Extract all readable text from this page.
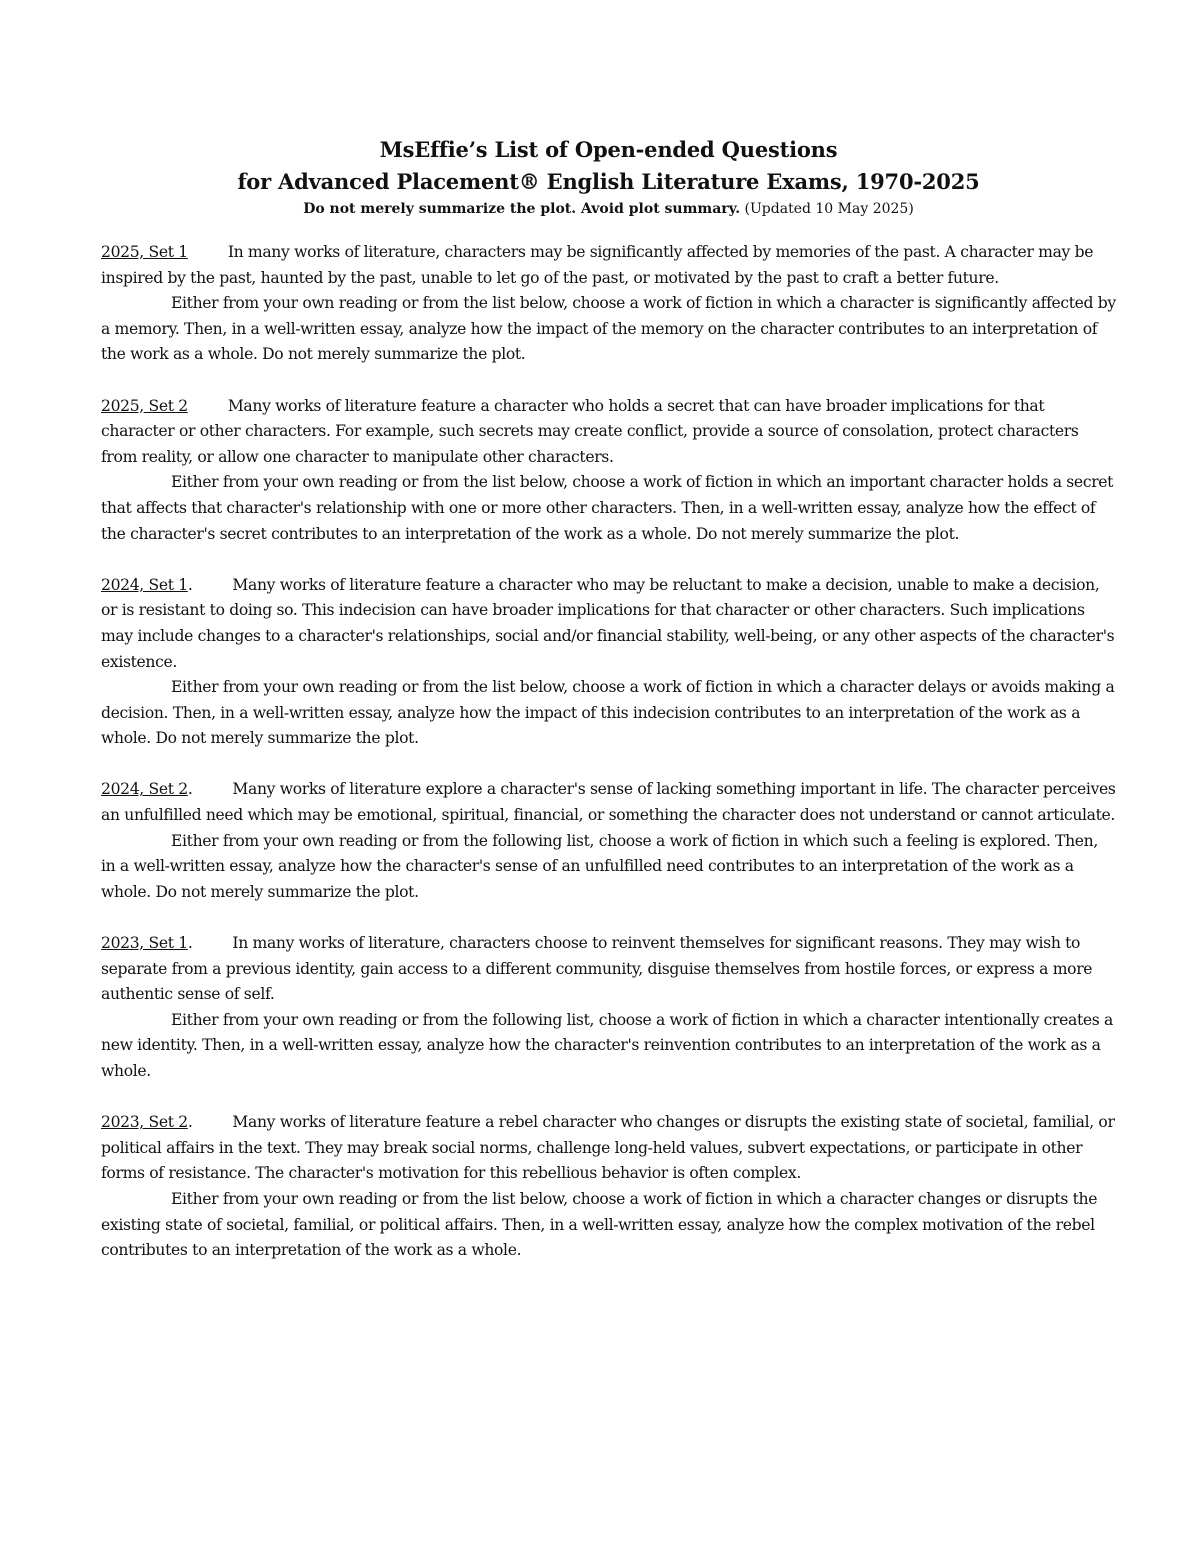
MsEffie’s List of Open-ended Questions
for Advanced Placement® English Literature Exams, 1970-2025

Do not merely summarize the plot. Avoid plot summary. (Updated 10 May 2025)

2025, Set 1	In many works of literature, characters may be significantly affected by memories of the past. A character may be inspired by the past, haunted by the past, unable to let go of the past, or motivated by the past to craft a better future.

Either from your own reading or from the list below, choose a work of fiction in which a character is significantly affected by a memory. Then, in a well-written essay, analyze how the impact of the memory on the character contributes to an interpretation of the work as a whole. Do not merely summarize the plot.

2025, Set 2	Many works of literature feature a character who holds a secret that can have broader implications for that character or other characters. For example, such secrets may create conflict, provide a source of consolation, protect characters from reality, or allow one character to manipulate other characters.

Either from your own reading or from the list below, choose a work of fiction in which an important character holds a secret that affects that character's relationship with one or more other characters. Then, in a well-written essay, analyze how the effect of the character's secret contributes to an interpretation of the work as a whole. Do not merely summarize the plot.

2024, Set 1.	Many works of literature feature a character who may be reluctant to make a decision, unable to make a decision, or is resistant to doing so. This indecision can have broader implications for that character or other characters. Such implications may include changes to a character's relationships, social and/or financial stability, well-being, or any other aspects of the character's existence.

Either from your own reading or from the list below, choose a work of fiction in which a character delays or avoids making a decision. Then, in a well-written essay, analyze how the impact of this indecision contributes to an interpretation of the work as a whole. Do not merely summarize the plot.

2024, Set 2.	Many works of literature explore a character's sense of lacking something important in life. The character perceives an unfulfilled need which may be emotional, spiritual, financial, or something the character does not understand or cannot articulate.

Either from your own reading or from the following list, choose a work of fiction in which such a feeling is explored. Then, in a well-written essay, analyze how the character's sense of an unfulfilled need contributes to an interpretation of the work as a whole. Do not merely summarize the plot.

2023, Set 1.	In many works of literature, characters choose to reinvent themselves for significant reasons. They may wish to separate from a previous identity, gain access to a different community, disguise themselves from hostile forces, or express a more authentic sense of self.

Either from your own reading or from the following list, choose a work of fiction in which a character intentionally creates a new identity. Then, in a well-written essay, analyze how the character's reinvention contributes to an interpretation of the work as a whole.

2023, Set 2.	Many works of literature feature a rebel character who changes or disrupts the existing state of societal, familial, or political affairs in the text. They may break social norms, challenge long-held values, subvert expectations, or participate in other forms of resistance. The character's motivation for this rebellious behavior is often complex.

Either from your own reading or from the list below, choose a work of fiction in which a character changes or disrupts the existing state of societal, familial, or political affairs. Then, in a well-written essay, analyze how the complex motivation of the rebel contributes to an interpretation of the work as a whole.
